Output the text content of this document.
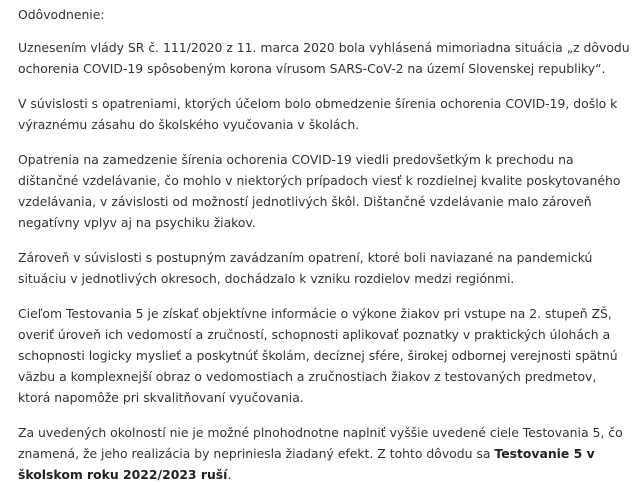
Odôvodnenie:

Uznesením vlády SR č. 111/2020 z 11. marca 2020 bola vyhlásená mimoriadna situácia „z dôvodu ochorenia COVID-19 spôsobeným korona vírusom SARS-CoV-2 na území Slovenskej republiky“.

V súvislosti s opatreniami, ktorých účelom bolo obmedzenie šírenia ochorenia COVID-19, došlo k výraznému zásahu do školského vyučovania v školách.

Opatrenia na zamedzenie šírenia ochorenia COVID-19 viedli predovšetkým k prechodu na dištančné vzdelávanie, čo mohlo v niektorých prípadoch viesť k rozdielnej kvalite poskytovaného vzdelávania, v závislosti od možností jednotlivých škôl. Dištančné vzdelávanie malo zároveň negatívny vplyv aj na psychiku žiakov.

Zároveň v súvislosti s postupným zavádzaním opatrení, ktoré boli naviazané na pandemickú situáciu v jednotlivých okresoch, dochádzalo k vzniku rozdielov medzi regiónmi.

Cieľom Testovania 5 je získať objektívne informácie o výkone žiakov pri vstupe na 2. stupeň ZŠ, overiť úroveň ich vedomostí a zručností, schopnosti aplikovať poznatky v praktických úlohách a schopnosti logicky myslieť a poskytnúť školám, decíznej sfére, širokej odbornej verejnosti spätnú väzbu a komplexnejší obraz o vedomostiach a zručnostiach žiakov z testovaných predmetov, ktorá napomôže pri skvalitňovaní vyučovania.

Za uvedených okolností nie je možné plnohodnotne naplniť vyššie uvedené ciele Testovania 5, čo znamená, že jeho realizácia by nepriniesla žiadaný efekt. Z tohto dôvodu sa Testovanie 5 v školskom roku 2022/2023 ruší.
